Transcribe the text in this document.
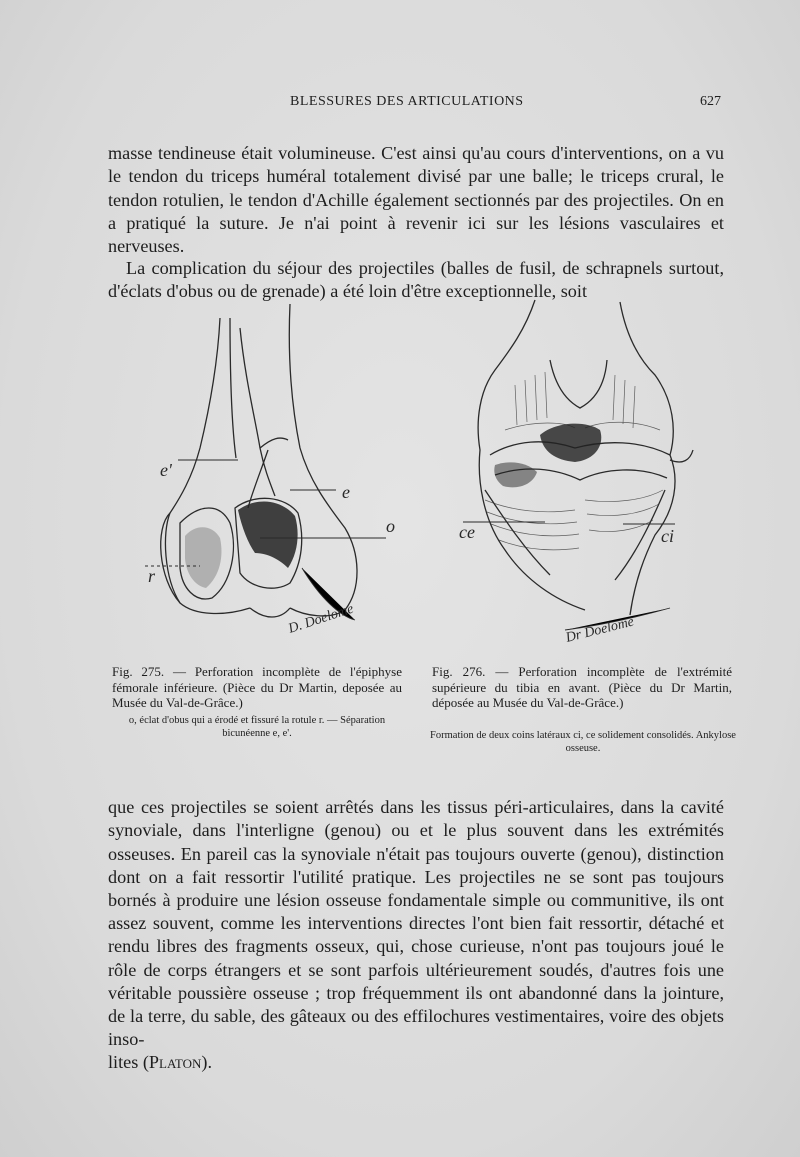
BLESSURES DES ARTICULATIONS	627

masse tendineuse était volumineuse. C'est ainsi qu'au cours d'interventions, on a vu le tendon du triceps huméral totalement divisé par une balle; le triceps crural, le tendon rotulien, le tendon d'Achille également sectionnés par des projectiles. On en a pratiqué la suture. Je n'ai point à revenir ici sur les lésions vasculaires et nerveuses.

La complication du séjour des projectiles (balles de fusil, de schrapnels surtout, d'éclats d'obus ou de grenade) a été loin d'être exceptionnelle, soit

e'
e
o
r
D. Doelome
ce	ci
Dr Doelome
Fig. 275. — Perforation incomplète de l'épiphyse fémorale inférieure. (Pièce du Dr Martin, deposée au Musée du Val-de-Grâce.)
o, éclat d'obus qui a érodé et fissuré la rotule r. — Séparation bicunéenne e, e'.
Fig. 276. — Perforation incomplète de l'extrémité supérieure du tibia en avant. (Pièce du Dr Martin, déposée au Musée du Val-de-Grâce.)
Formation de deux coins latéraux ci, ce solidement consolidés. Ankylose osseuse.

que ces projectiles se soient arrêtés dans les tissus péri-articulaires, dans la cavité synoviale, dans l'interligne (genou) ou et le plus souvent dans les extrémités osseuses. En pareil cas la synoviale n'était pas toujours ouverte (genou), distinction dont on a fait ressortir l'utilité pratique. Les projectiles ne se sont pas toujours bornés à produire une lésion osseuse fondamentale simple ou communitive, ils ont assez souvent, comme les interventions directes l'ont bien fait ressortir, détaché et rendu libres des fragments osseux, qui, chose curieuse, n'ont pas toujours joué le rôle de corps étrangers et se sont parfois ultérieurement soudés, d'autres fois une véritable poussière osseuse ; trop fréquemment ils ont abandonné dans la jointure, de la terre, du sable, des gâteaux ou des effilochures vestimentaires, voire des objets inso-
lites (Platon).
